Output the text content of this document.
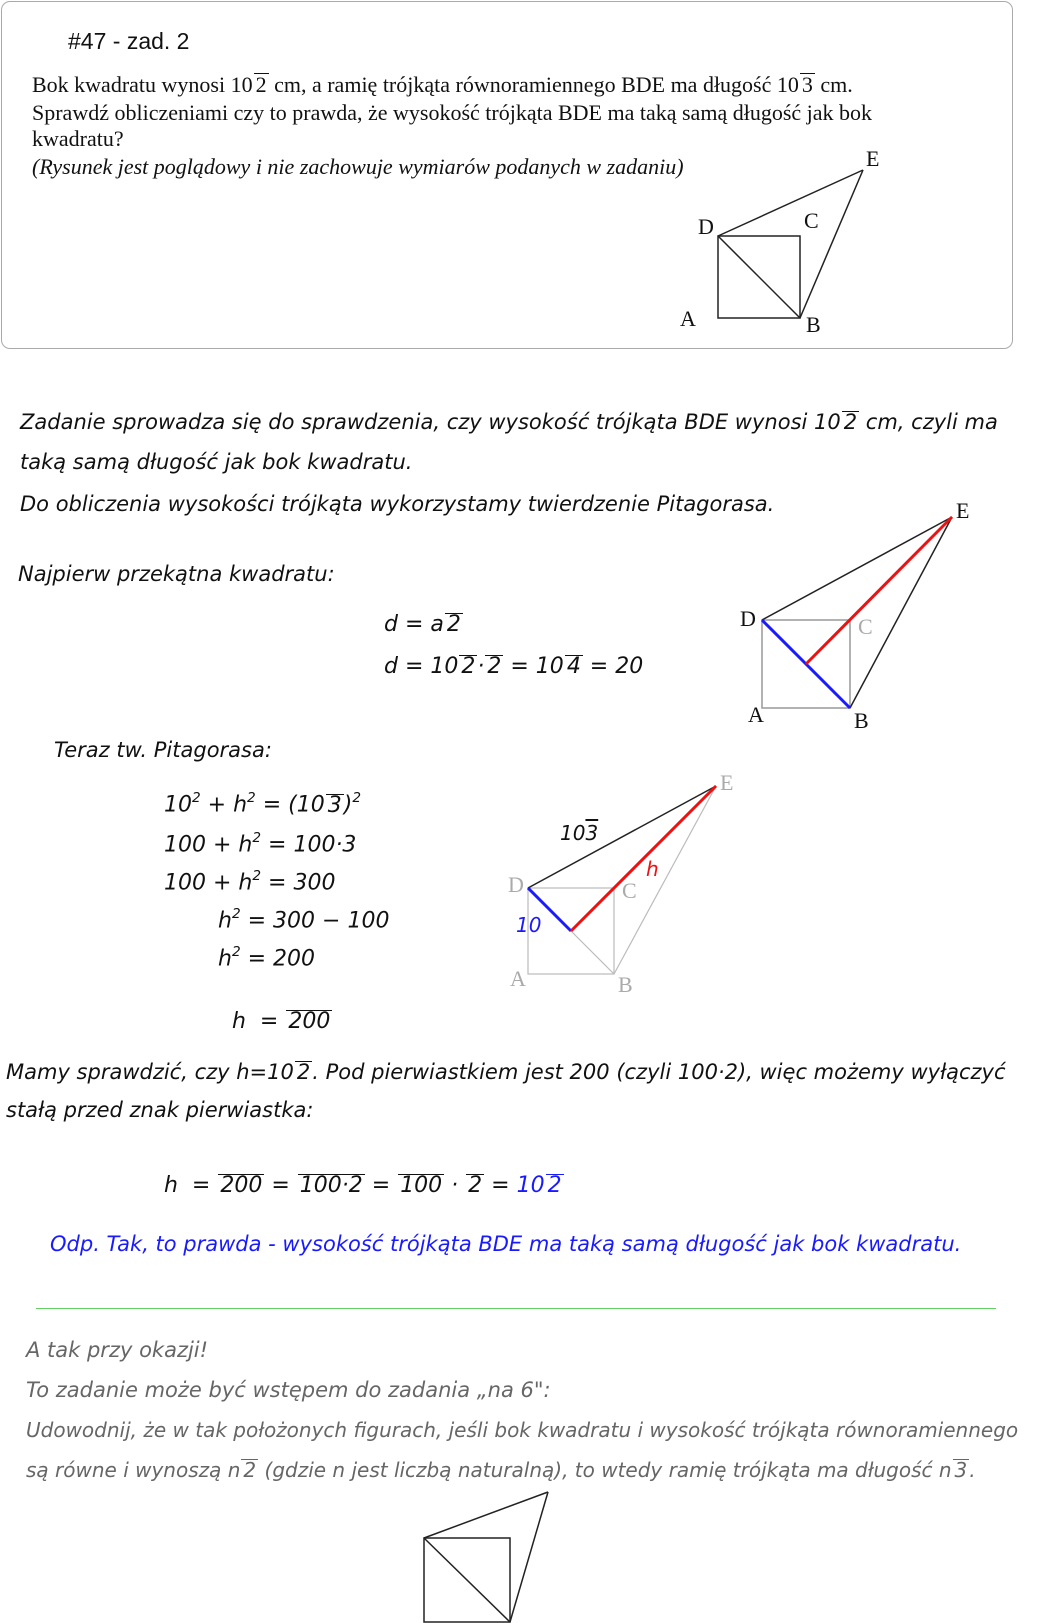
#47 - zad. 2
Bok kwadratu wynosi 10 2 cm, a ramię trójkąta równoramiennego BDE ma długość 10 3 cm.
Sprawdź obliczeniami czy to prawda, że wysokość trójkąta BDE ma taką samą długość jak bok
kwadratu?
(Rysunek jest poglądowy i nie zachowuje wymiarów podanych w zadaniu)
D	C
A	B
E
Zadanie sprowadza się do sprawdzenia, czy wysokość trójkąta BDE wynosi 10 2 cm, czyli ma
taką samą długość jak bok kwadratu.
Do obliczenia wysokości trójkąta wykorzystamy twierdzenie Pitagorasa.
Najpierw przekątna kwadratu:
d = a 2
d = 10 2· 2 = 10 4 = 20
D	C
A	B
E
Teraz tw. Pitagorasa:
$10^2 + h^2 = (10$ 3)$^2$
$100 + h^2 = 100\cdot 3$
$100 + h^2 = 300$
$h^2 = 300 - 100$
$h^2 = 200$

h  = 200

D	C
A	B
E
103
h
10
Mamy sprawdzić, czy h=10 2. Pod pierwiastkiem jest 200 (czyli 100·2), więc możemy wyłączyć
stałą przed znak pierwiastka:

h  = 200 = 100·2 = 100 · 2 = 10 2

Odp. Tak, to prawda - wysokość trójkąta BDE ma taką samą długość jak bok kwadratu.
A tak przy okazji!
To zadanie może być wstępem do zadania „na 6":
Udowodnij, że w tak położonych figurach, jeśli bok kwadratu i wysokość trójkąta równoramiennego
są równe i wynoszą n 2 (gdzie n jest liczbą naturalną), to wtedy ramię trójkąta ma długość n 3 .
